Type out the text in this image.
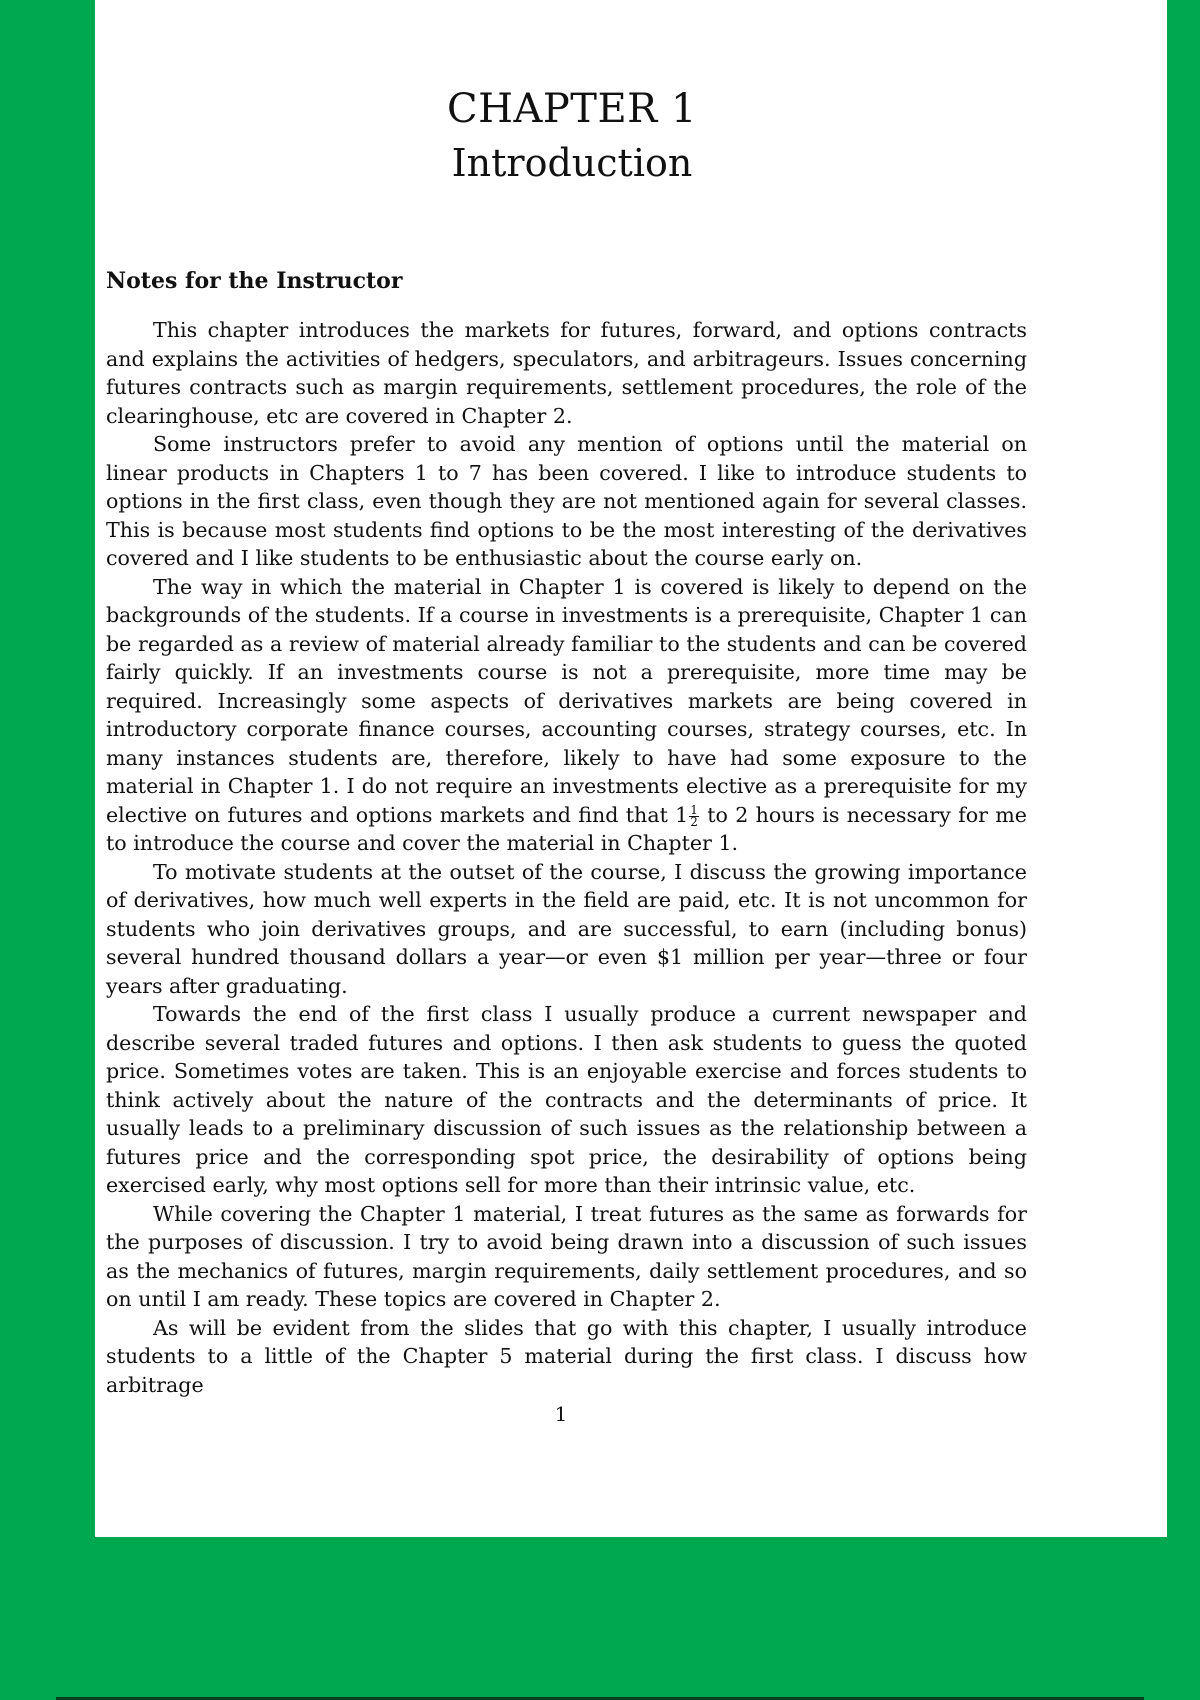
CHAPTER 1
Introduction
Notes for the Instructor

This chapter introduces the markets for futures, forward, and options contracts and explains the activities of hedgers, speculators, and arbitrageurs. Issues concerning futures contracts such as margin requirements, settlement procedures, the role of the clearinghouse, etc are covered in Chapter 2.

Some instructors prefer to avoid any mention of options until the material on linear products in Chapters 1 to 7 has been covered. I like to introduce students to options in the first class, even though they are not mentioned again for several classes. This is because most students find options to be the most interesting of the derivatives covered and I like students to be enthusiastic about the course early on.

The way in which the material in Chapter 1 is covered is likely to depend on the backgrounds of the students. If a course in investments is a prerequisite, Chapter 1 can be regarded as a review of material already familiar to the students and can be covered fairly quickly. If an investments course is not a prerequisite, more time may be required. Increasingly some aspects of derivatives markets are being covered in introductory corporate finance courses, accounting courses, strategy courses, etc. In many instances students are, therefore, likely to have had some exposure to the material in Chapter 1. I do not require an investments elective as a prerequisite for my elective on futures and options markets and find that $1 \frac{1}{2}$ to 2 hours is necessary for me to introduce the course and cover the material in Chapter 1.

To motivate students at the outset of the course, I discuss the growing importance of derivatives, how much well experts in the field are paid, etc. It is not uncommon for students who join derivatives groups, and are successful, to earn (including bonus) several hundred thousand dollars a year—or even $1 million per year—three or four years after graduating.

Towards the end of the first class I usually produce a current newspaper and describe several traded futures and options. I then ask students to guess the quoted price. Sometimes votes are taken. This is an enjoyable exercise and forces students to think actively about the nature of the contracts and the determinants of price. It usually leads to a preliminary discussion of such issues as the relationship between a futures price and the corresponding spot price, the desirability of options being exercised early, why most options sell for more than their intrinsic value, etc.

While covering the Chapter 1 material, I treat futures as the same as forwards for the purposes of discussion. I try to avoid being drawn into a discussion of such issues as the mechanics of futures, margin requirements, daily settlement procedures, and so on until I am ready. These topics are covered in Chapter 2.

As will be evident from the slides that go with this chapter, I usually introduce students to a little of the Chapter 5 material during the first class. I discuss how arbitrage

1
